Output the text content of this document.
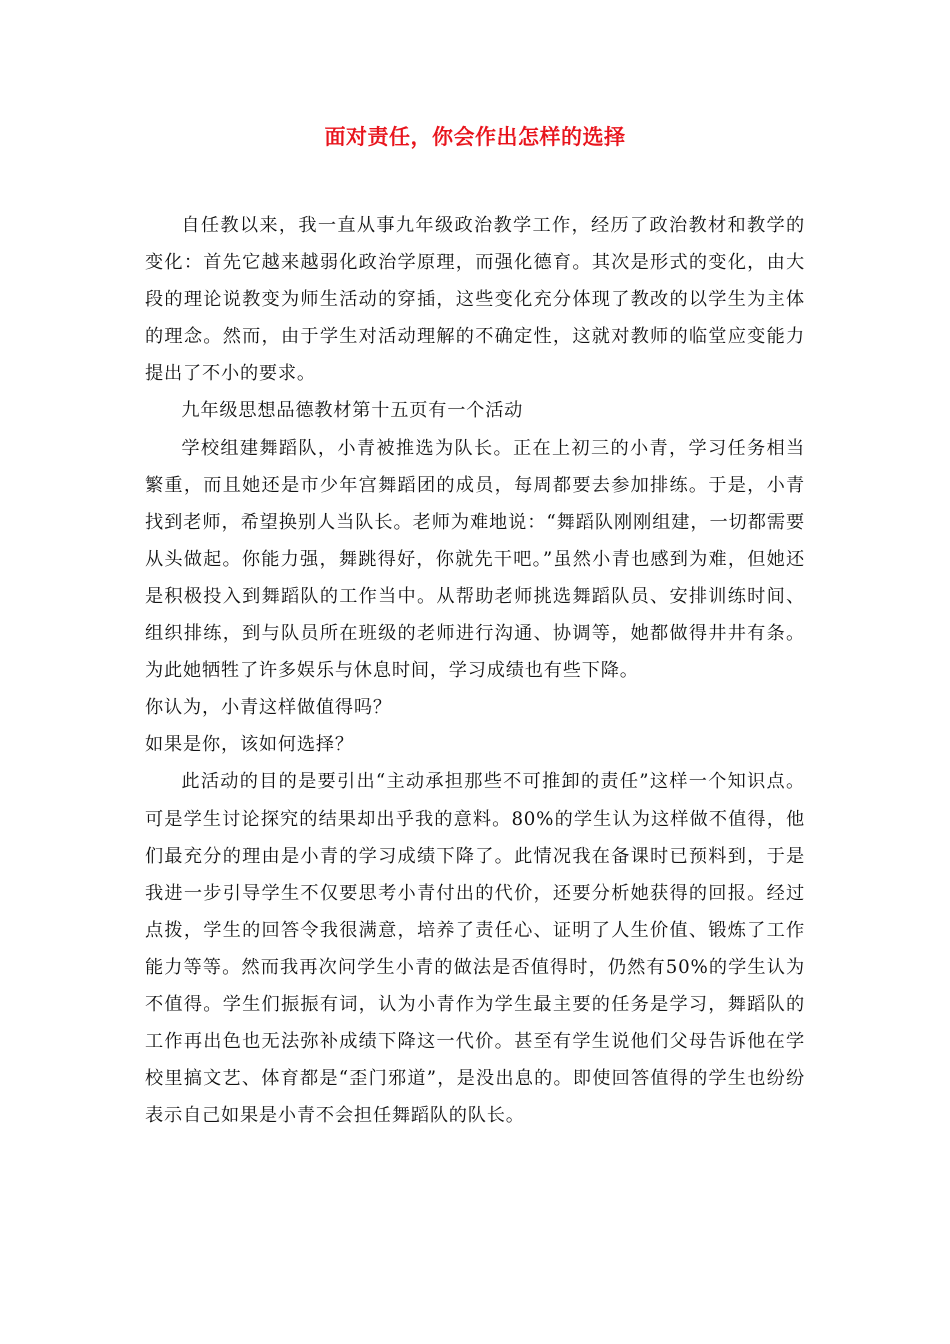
面对责任，你会作出怎样的选择

自任教以来，我一直从事九年级政治教学工作，经历了政治教材和教学的变化：首先它越来越弱化政治学原理，而强化德育。其次是形式的变化，由大段的理论说教变为师生活动的穿插，这些变化充分体现了教改的以学生为主体的理念。然而，由于学生对活动理解的不确定性，这就对教师的临堂应变能力提出了不小的要求。

九年级思想品德教材第十五页有一个活动

学校组建舞蹈队，小青被推选为队长。正在上初三的小青，学习任务相当繁重，而且她还是市少年宫舞蹈团的成员，每周都要去参加排练。于是，小青找到老师，希望换别人当队长。老师为难地说：“舞蹈队刚刚组建，一切都需要从头做起。你能力强，舞跳得好，你就先干吧。”虽然小青也感到为难，但她还是积极投入到舞蹈队的工作当中。从帮助老师挑选舞蹈队员、安排训练时间、组织排练，到与队员所在班级的老师进行沟通、协调等，她都做得井井有条。为此她牺牲了许多娱乐与休息时间，学习成绩也有些下降。

你认为，小青这样做值得吗？

如果是你，该如何选择？

此活动的目的是要引出“主动承担那些不可推卸的责任”这样一个知识点。可是学生讨论探究的结果却出乎我的意料。80%的学生认为这样做不值得，他们最充分的理由是小青的学习成绩下降了。此情况我在备课时已预料到，于是我进一步引导学生不仅要思考小青付出的代价，还要分析她获得的回报。经过点拨，学生的回答令我很满意，培养了责任心、证明了人生价值、锻炼了工作能力等等。然而我再次问学生小青的做法是否值得时，仍然有50%的学生认为不值得。学生们振振有词，认为小青作为学生最主要的任务是学习，舞蹈队的工作再出色也无法弥补成绩下降这一代价。甚至有学生说他们父母告诉他在学校里搞文艺、体育都是“歪门邪道”，是没出息的。即使回答值得的学生也纷纷表示自己如果是小青不会担任舞蹈队的队长。
